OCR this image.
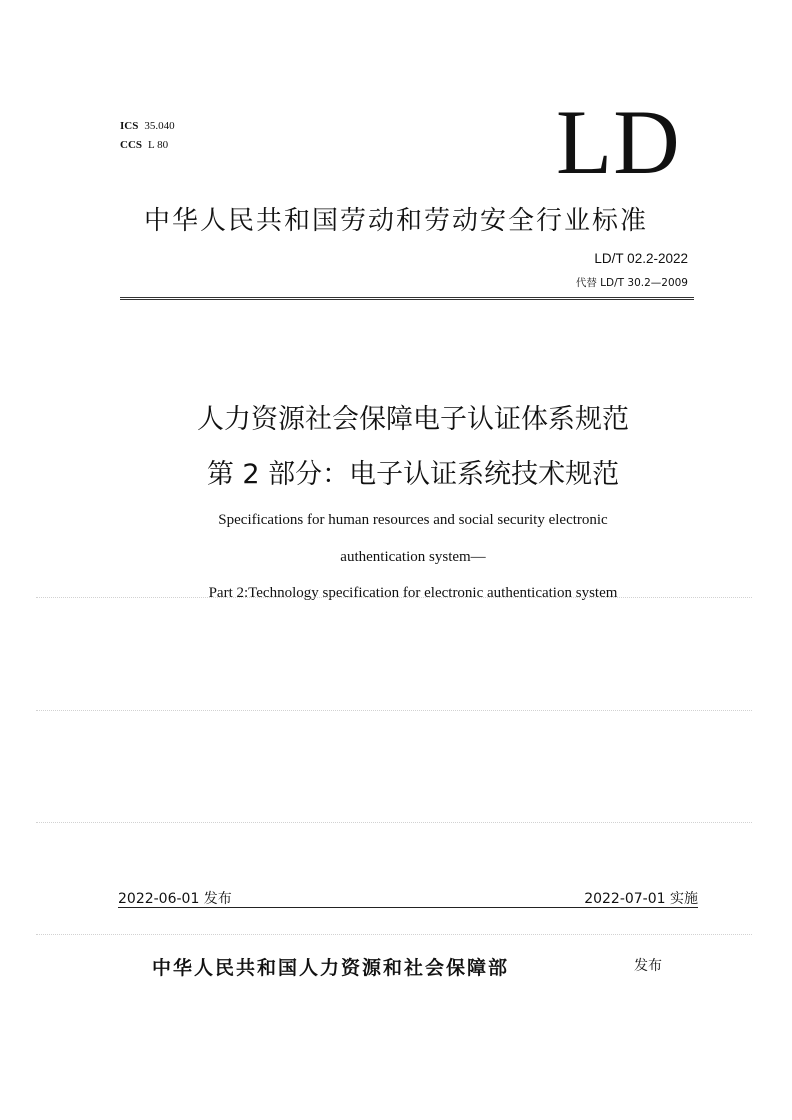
ICS 35.040
CCS L 80	LD
中华人民共和国劳动和劳动安全行业标准
LD/T 02.2-2022
代替 LD/T 30.2—2009
人力资源社会保障电子认证体系规范
第 2 部分：电子认证系统技术规范
Specifications for human resources and social security electronic
authentication system—
Part 2:Technology specification for electronic authentication system
2022-06-01 发布	2022-07-01 实施
中华人民共和国人力资源和社会保障部	发布
